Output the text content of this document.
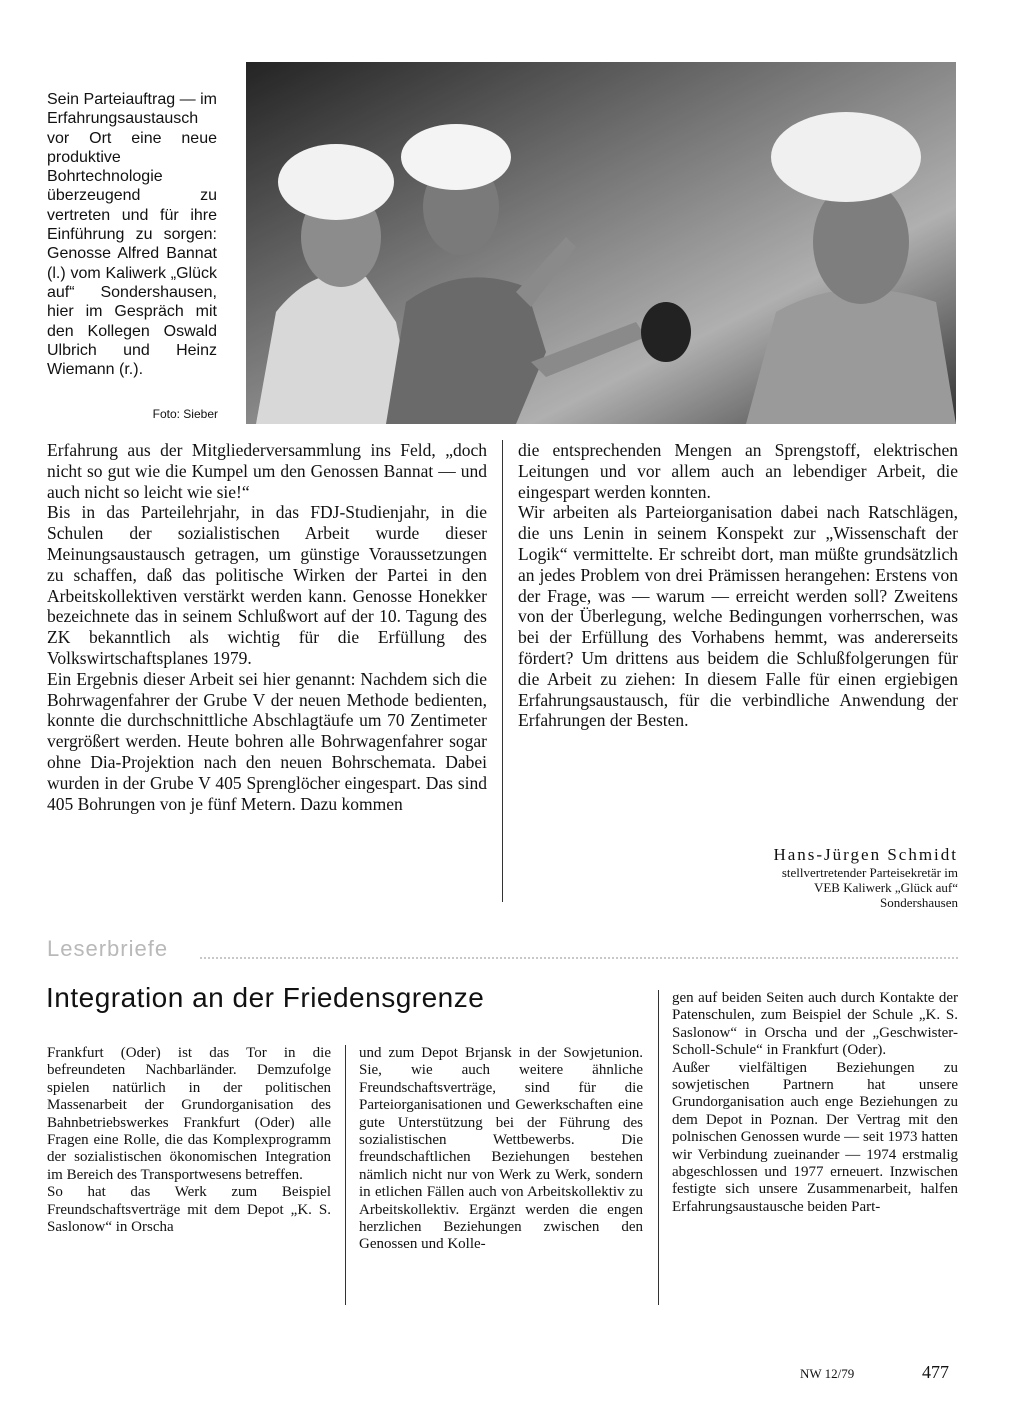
Sein Parteiauftrag — im Erfahrungsaustausch vor Ort eine neue produktive Bohrtechnologie überzeugend zu vertreten und für ihre Einführung zu sorgen: Genosse Alfred Bannat (l.) vom Kaliwerk „Glück auf“ Sondershausen, hier im Gespräch mit den Kollegen Oswald Ulbrich und Heinz Wiemann (r.).
Foto: Sieber

Erfahrung aus der Mitgliederversammlung ins Feld, „doch nicht so gut wie die Kumpel um den Genossen Bannat — und auch nicht so leicht wie sie!“

Bis in das Parteilehrjahr, in das FDJ-Studienjahr, in die Schulen der sozialistischen Arbeit wurde dieser Meinungsaustausch getragen, um günstige Voraussetzungen zu schaffen, daß das politische Wirken der Partei in den Arbeitskollektiven verstärkt werden kann. Genosse Honekker bezeichnete das in seinem Schlußwort auf der 10. Tagung des ZK bekanntlich als wichtig für die Erfüllung des Volkswirtschaftsplanes 1979.

Ein Ergebnis dieser Arbeit sei hier genannt: Nachdem sich die Bohrwagenfahrer der Grube V der neuen Methode bedienten, konnte die durchschnittliche Abschlagtäufe um 70 Zentimeter vergrößert werden. Heute bohren alle Bohrwagenfahrer sogar ohne Dia-Projektion nach den neuen Bohrschemata. Dabei wurden in der Grube V 405 Sprenglöcher eingespart. Das sind 405 Bohrungen von je fünf Metern. Dazu kommen

die entsprechenden Mengen an Sprengstoff, elektrischen Leitungen und vor allem auch an lebendiger Arbeit, die eingespart werden konnten.

Wir arbeiten als Parteiorganisation dabei nach Ratschlägen, die uns Lenin in seinem Konspekt zur „Wissenschaft der Logik“ vermittelte. Er schreibt dort, man müßte grundsätzlich an jedes Problem von drei Prämissen herangehen: Erstens von der Frage, was — warum — erreicht werden soll? Zweitens von der Überlegung, welche Bedingungen vorherrschen, was bei der Erfüllung des Vorhabens hemmt, was andererseits fördert? Um drittens aus beidem die Schlußfolgerungen für die Arbeit zu ziehen: In diesem Falle für einen ergiebigen Erfahrungsaustausch, für die verbindliche Anwendung der Erfahrungen der Besten.

Hans-Jürgen Schmidt
stellvertretender Parteisekretär im
VEB Kaliwerk „Glück auf“
Sondershausen
Leserbriefe
Integration an der Friedensgrenze

Frankfurt (Oder) ist das Tor in die befreundeten Nachbarländer. Demzufolge spielen natürlich in der politischen Massenarbeit der Grundorganisation des Bahnbetriebswerkes Frankfurt (Oder) alle Fragen eine Rolle, die das Komplexprogramm der sozialistischen ökonomischen Integration im Bereich des Transportwesens betreffen.

So hat das Werk zum Beispiel Freundschaftsverträge mit dem Depot „K. S. Saslonow“ in Orscha

und zum Depot Brjansk in der Sowjetunion. Sie, wie auch weitere ähnliche Freundschaftsverträge, sind für die Parteiorganisationen und Gewerkschaften eine gute Unterstützung bei der Führung des sozialistischen Wettbewerbs. Die freundschaftlichen Beziehungen bestehen nämlich nicht nur von Werk zu Werk, sondern in etlichen Fällen auch von Arbeitskollektiv zu Arbeitskollektiv. Ergänzt werden die engen herzlichen Beziehungen zwischen den Genossen und Kolle-

gen auf beiden Seiten auch durch Kontakte der Patenschulen, zum Beispiel der Schule „K. S. Saslonow“ in Orscha und der „Geschwister-Scholl-Schule“ in Frankfurt (Oder).

Außer vielfältigen Beziehungen zu sowjetischen Partnern hat unsere Grundorganisation auch enge Beziehungen zu dem Depot in Poznan. Der Vertrag mit den polnischen Genossen wurde — seit 1973 hatten wir Verbindung zueinander — 1974 erstmalig abgeschlossen und 1977 erneuert. Inzwischen festigte sich unsere Zusammenarbeit, halfen Erfahrungsaustausche beiden Part-

NW 12/79	477
